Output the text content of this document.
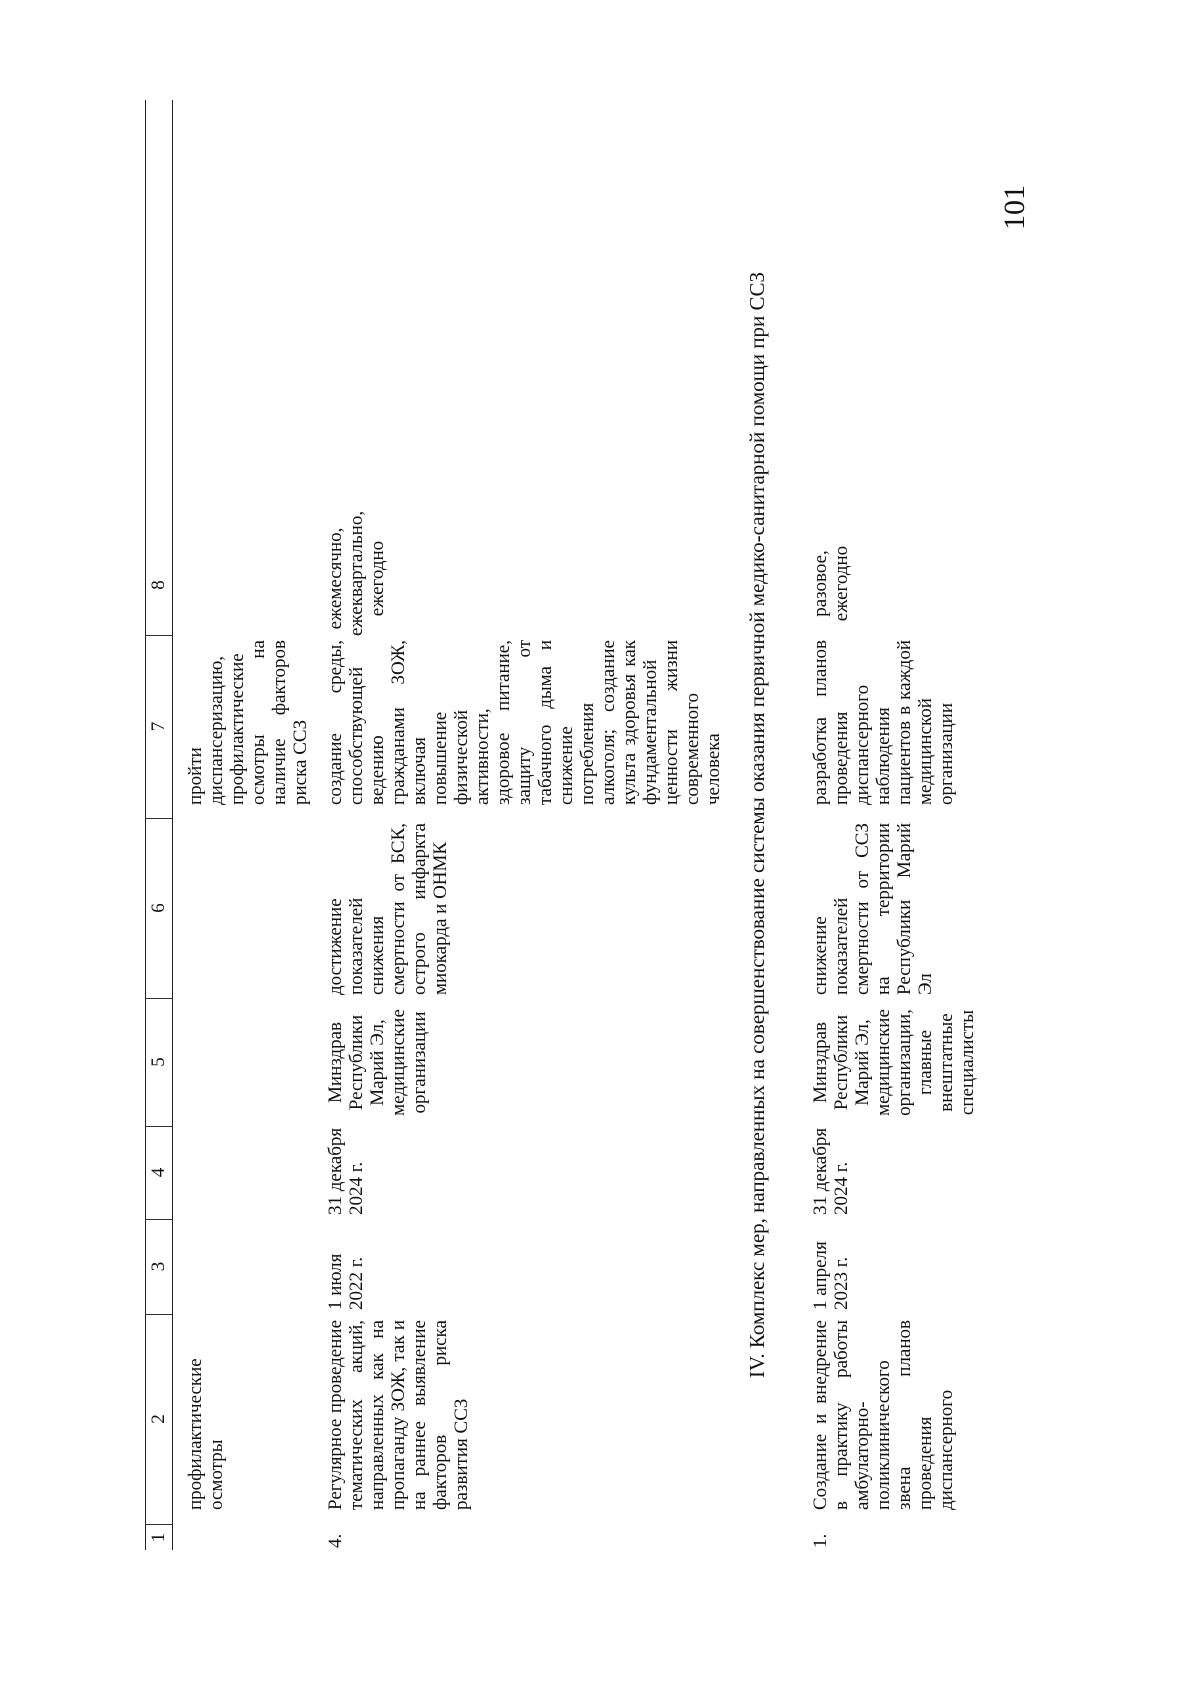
101
1
2
3
4
5
6
7
8
профилактические осмотры
пройти диспансеризацию, профилактические осмотры на наличие факторов риска ССЗ
4.
Регулярное проведение тематических акций, направленных как на пропаганду ЗОЖ, так и на раннее выявление факторов риска развития ССЗ
1 июля 2022 г.
31 декабря 2024 г.
Минздрав Республики Марий Эл, медицинские организации
достижение показателей снижения смертности от БСК, острого инфаркта миокарда и ОНМК
создание среды, способствующей ведению гражданами ЗОЖ, включая повышение физической активности, здоровое питание, защиту от табачного дыма и снижение потребления алкоголя; создание культа здоровья как фундаментальной ценности жизни современного человека
ежемесячно, ежеквартально, ежегодно	IV. Комплекс мер, направленных на совершенствование системы оказания первичной медико-санитарной помощи при ССЗ
1.
Создание и внедрение в практику работы амбулаторно-поликлинического звена планов проведения диспансерного
1 апреля 2023 г.
31 декабря 2024 г.
Минздрав Республики Марий Эл, медицинские организации, главные внештатные специалисты
снижение показателей смертности от ССЗ на территории Республики Марий Эл
разработка планов проведения диспансерного наблюдения пациентов в каждой медицинской организации
разовое, ежегодно
